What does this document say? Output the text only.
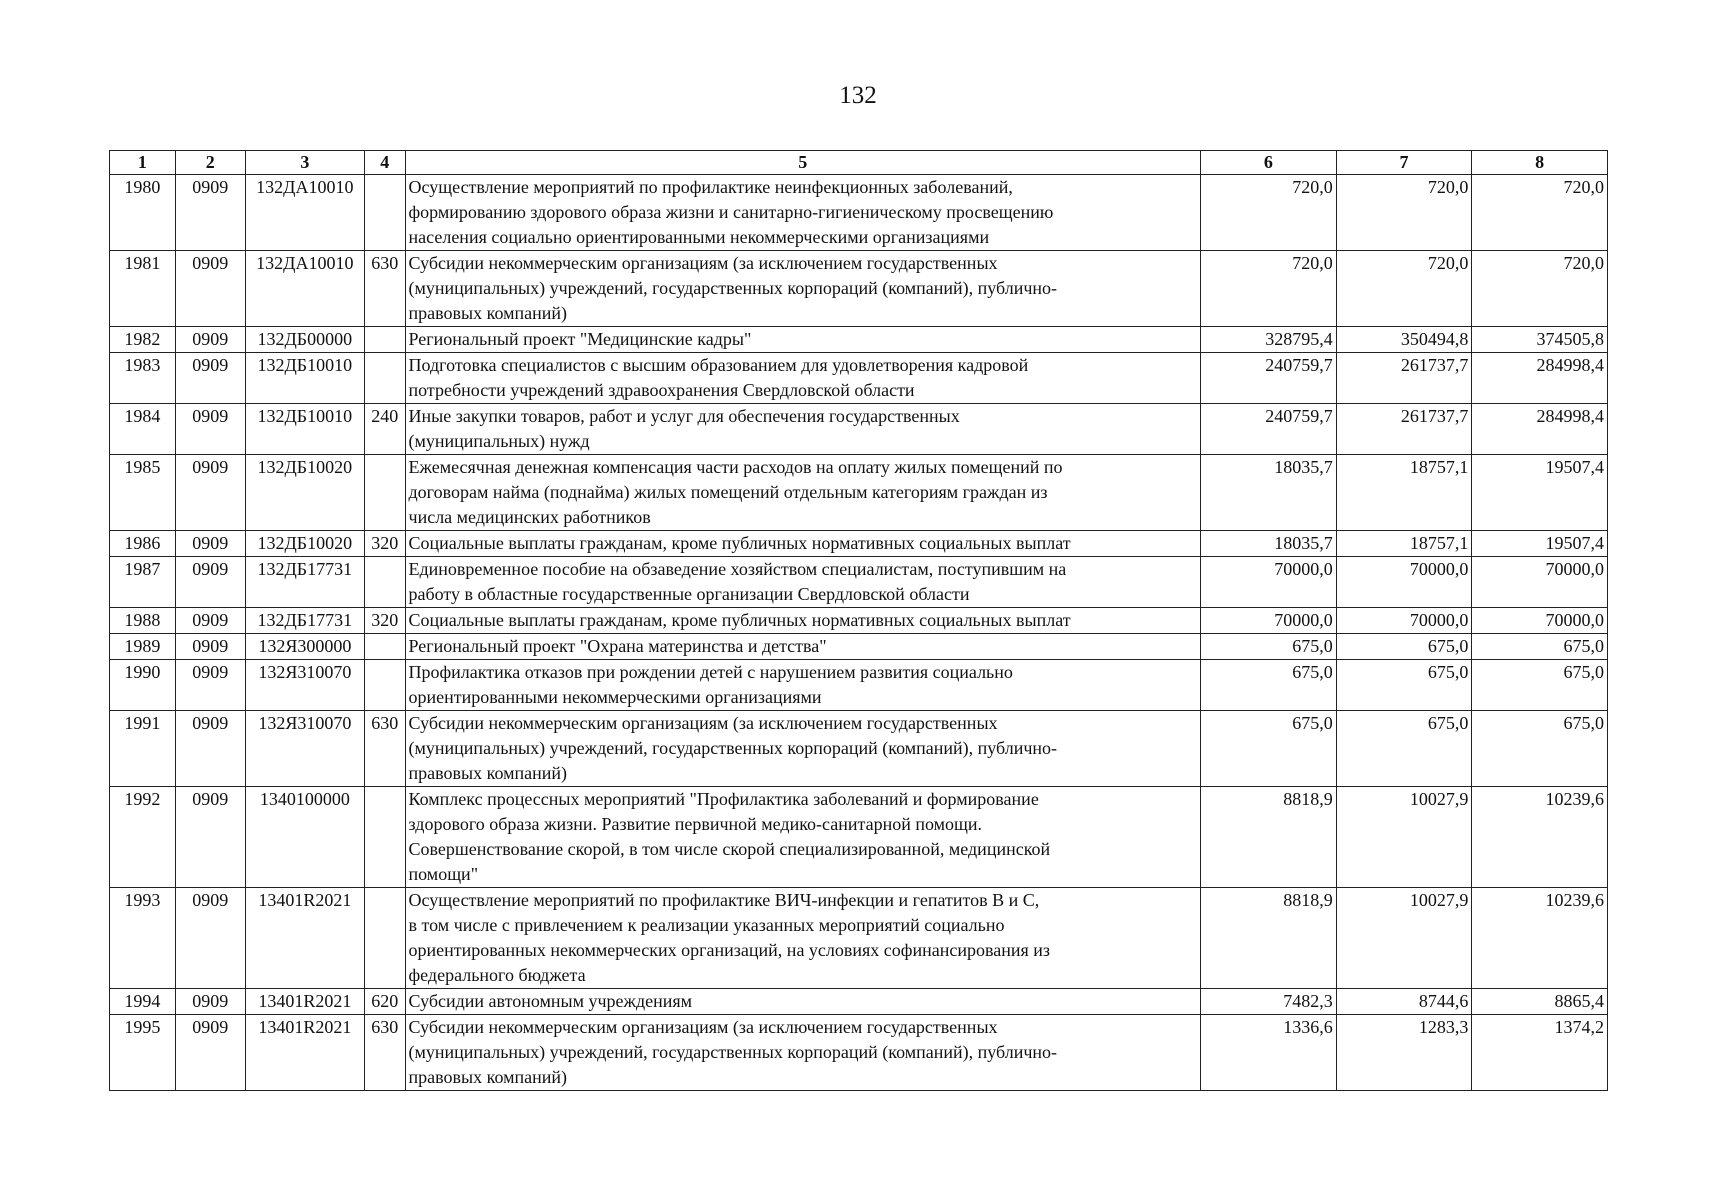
132
1	2	3	4	5	6	7	8
1980	0909	132ДА10010		Осуществление мероприятий по профилактике неинфекционных заболеваний,
формированию здорового образа жизни и санитарно-гигиеническому просвещению
населения социально ориентированными некоммерческими организациями	720,0	720,0	720,0
1981	0909	132ДА10010	630	Субсидии некоммерческим организациям (за исключением государственных
(муниципальных) учреждений, государственных корпораций (компаний), публично-
правовых компаний)	720,0	720,0	720,0
1982	0909	132ДБ00000		Региональный проект "Медицинские кадры"	328795,4	350494,8	374505,8
1983	0909	132ДБ10010		Подготовка специалистов с высшим образованием для удовлетворения кадровой
потребности учреждений здравоохранения Свердловской области	240759,7	261737,7	284998,4
1984	0909	132ДБ10010	240	Иные закупки товаров, работ и услуг для обеспечения государственных
(муниципальных) нужд	240759,7	261737,7	284998,4
1985	0909	132ДБ10020		Ежемесячная денежная компенсация части расходов на оплату жилых помещений по
договорам найма (поднайма) жилых помещений отдельным категориям граждан из
числа медицинских работников	18035,7	18757,1	19507,4
1986	0909	132ДБ10020	320	Социальные выплаты гражданам, кроме публичных нормативных социальных выплат	18035,7	18757,1	19507,4
1987	0909	132ДБ17731		Единовременное пособие на обзаведение хозяйством специалистам, поступившим на
работу в областные государственные организации Свердловской области	70000,0	70000,0	70000,0
1988	0909	132ДБ17731	320	Социальные выплаты гражданам, кроме публичных нормативных социальных выплат	70000,0	70000,0	70000,0
1989	0909	132Я300000		Региональный проект "Охрана материнства и детства"	675,0	675,0	675,0
1990	0909	132Я310070		Профилактика отказов при рождении детей с нарушением развития социально
ориентированными некоммерческими организациями	675,0	675,0	675,0
1991	0909	132Я310070	630	Субсидии некоммерческим организациям (за исключением государственных
(муниципальных) учреждений, государственных корпораций (компаний), публично-
правовых компаний)	675,0	675,0	675,0
1992	0909	1340100000		Комплекс процессных мероприятий "Профилактика заболеваний и формирование
здорового образа жизни. Развитие первичной медико-санитарной помощи.
Совершенствование скорой, в том числе скорой специализированной, медицинской
помощи"	8818,9	10027,9	10239,6
1993	0909	13401R2021		Осуществление мероприятий по профилактике ВИЧ-инфекции и гепатитов B и C,
в том числе с привлечением к реализации указанных мероприятий социально
ориентированных некоммерческих организаций, на условиях софинансирования из
федерального бюджета	8818,9	10027,9	10239,6
1994	0909	13401R2021	620	Субсидии автономным учреждениям	7482,3	8744,6	8865,4
1995	0909	13401R2021	630	Субсидии некоммерческим организациям (за исключением государственных
(муниципальных) учреждений, государственных корпораций (компаний), публично-
правовых компаний)	1336,6	1283,3	1374,2
